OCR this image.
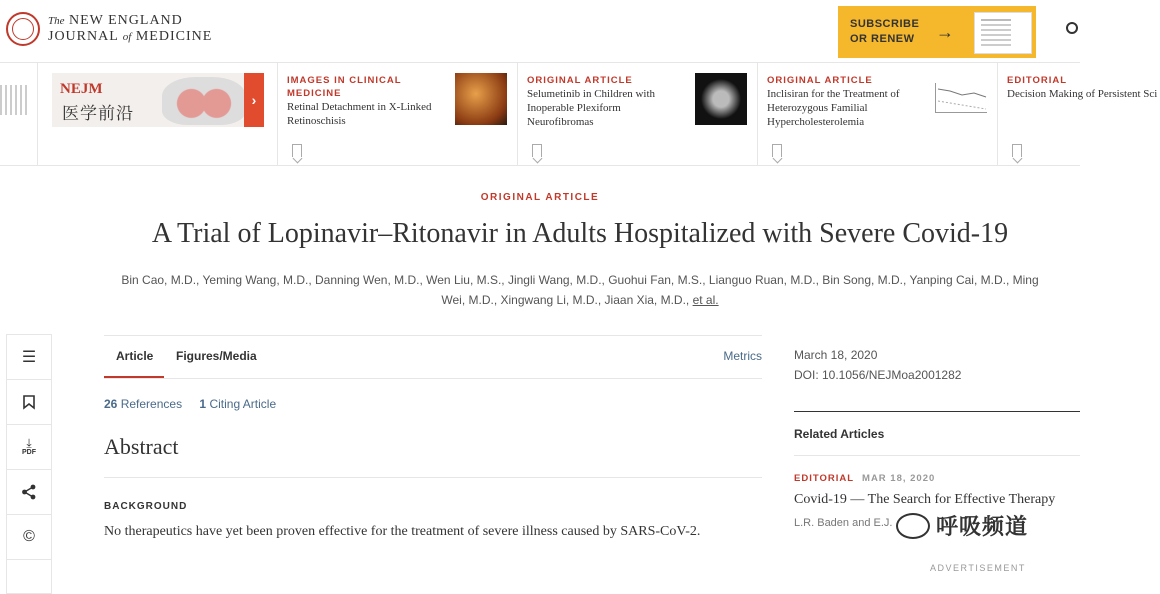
The NEW ENGLAND
JOURNAL of MEDICINE
SUBSCRIBE
OR RENEW	→
NEJM
医学前沿
›
IMAGES IN CLINICAL MEDICINE
Retinal Detachment in X-Linked Retinoschisis
ORIGINAL ARTICLE
Selumetinib in Children with Inoperable Plexiform Neurofibromas
ORIGINAL ARTICLE
Inclisiran for the Treatment of Heterozygous Familial Hypercholesterolemia
EDITORIAL
Decision Making of Persistent Sci
ORIGINAL ARTICLE
A Trial of Lopinavir–Ritonavir in Adults Hospitalized with Severe Covid-19
Bin Cao, M.D., Yeming Wang, M.D., Danning Wen, M.D., Wen Liu, M.S., Jingli Wang, M.D., Guohui Fan, M.S., Lianguo Ruan, M.D., Bin Song, M.D., Yanping Cai, M.D., Ming
Wei, M.D., Xingwang Li, M.D., Jiaan Xia, M.D., et al.
☰
⤓
PDF
©
Article Figures/Media	Metrics
26 References 1 Citing Article
Abstract
BACKGROUND
No therapeutics have yet been proven effective for the treatment of severe illness caused by SARS-CoV-2.
March 18, 2020
DOI: 10.1056/NEJMoa2001282
Related Articles
EDITORIAL MAR 18, 2020
Covid-19 — The Search for Effective Therapy
L.R. Baden and E.J.
ADVERTISEMENT
呼吸频道
